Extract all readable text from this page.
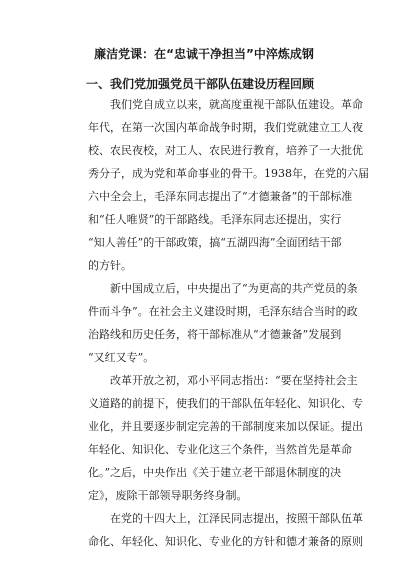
廉洁党课：在“忠诚干净担当”中淬炼成钢
一、我们党加强党员干部队伍建设历程回顾
我们党自成立以来，就高度重视干部队伍建设。革命
年代，在第一次国内革命战争时期，我们党就建立工人夜
校、农民夜校，对工人、农民进行教育，培养了一大批优
秀分子，成为党和革命事业的骨干。1938年，在党的六届
六中全会上，毛泽东同志提出了“才德兼备”的干部标准
和“任人唯贤”的干部路线。毛泽东同志还提出，实行
“知人善任”的干部政策，搞“五湖四海”全面团结干部
的方针。
新中国成立后，中央提出了“为更高的共产党员的条
件而斗争”。在社会主义建设时期，毛泽东结合当时的政
治路线和历史任务，将干部标准从“才德兼备”发展到
“又红又专”。
改革开放之初，邓小平同志指出：“要在坚持社会主
义道路的前提下，使我们的干部队伍年轻化、知识化、专
业化，并且要逐步制定完善的干部制度来加以保证。提出
年轻化、知识化、专业化这三个条件，当然首先是革命
化。”之后，中央作出《关于建立老干部退休制度的决
定》，废除干部领导职务终身制。
在党的十四大上，江泽民同志提出，按照干部队伍革
命化、年轻化、知识化、专业化的方针和德才兼备的原则
